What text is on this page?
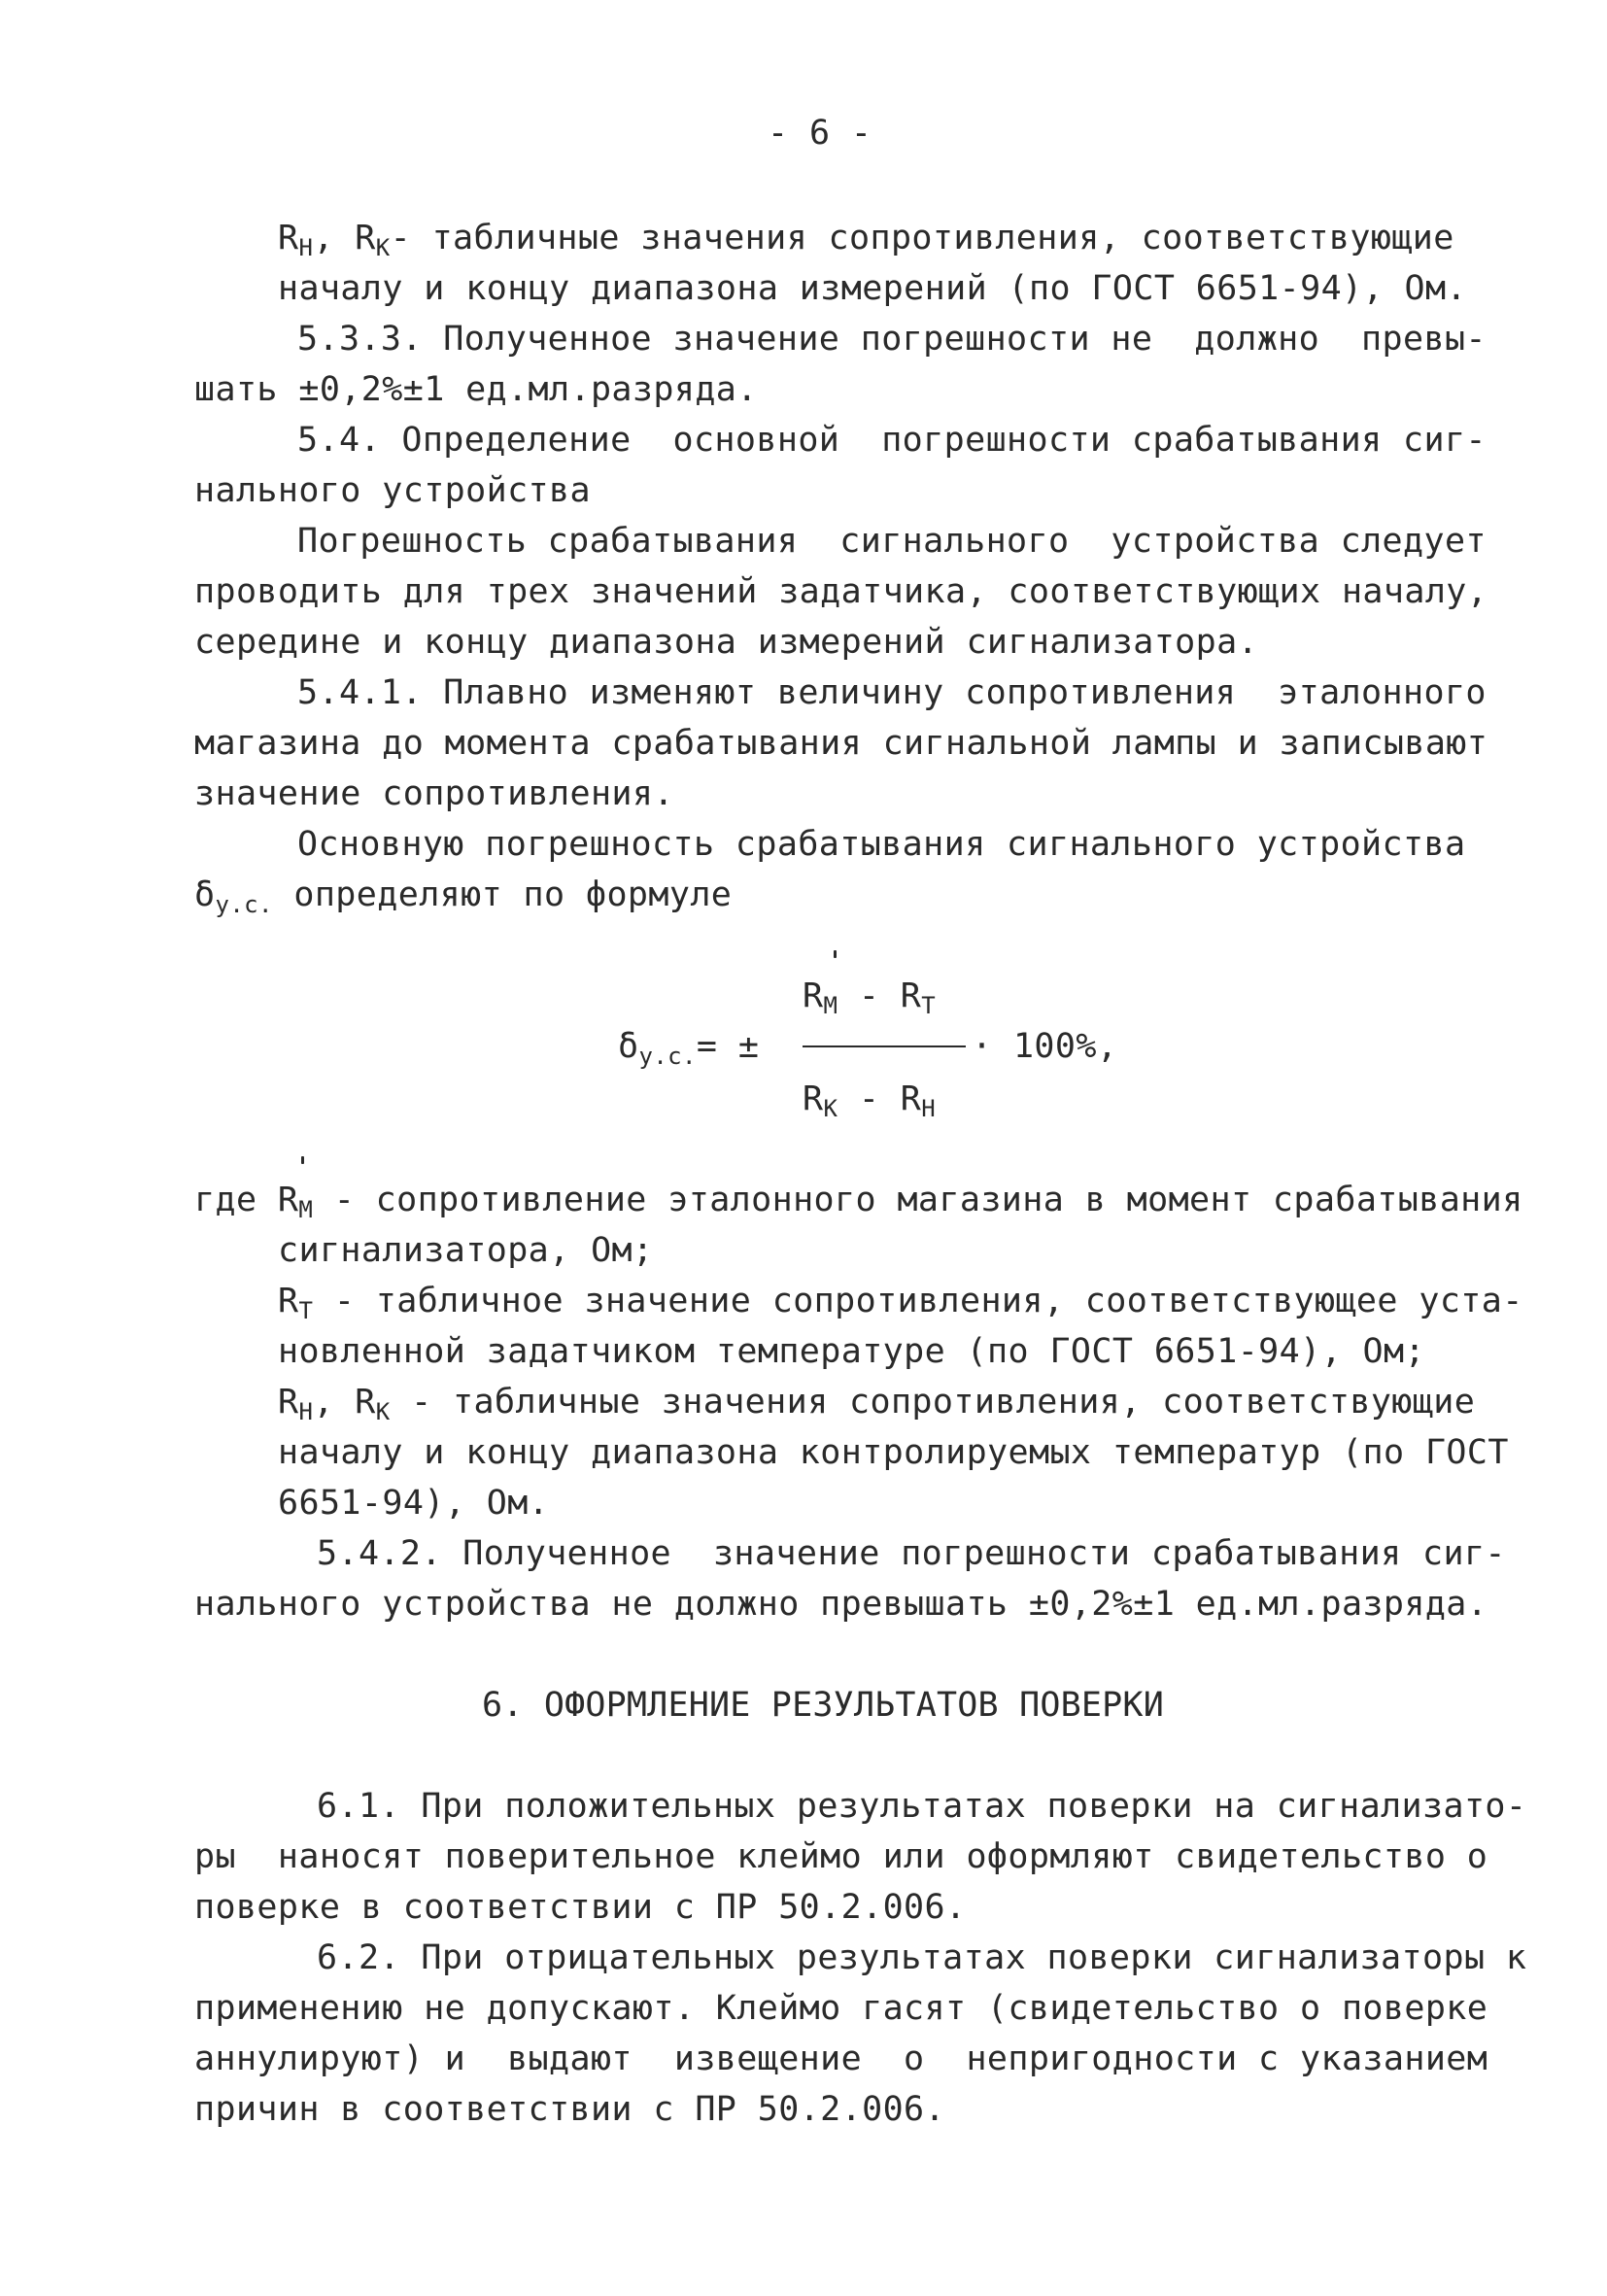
- 6 -
$R_Н$, $R_К-$ табличные значения сопротивления, соответствующие
началу и концу диапазона измерений (по ГОСТ 6651-94), Ом.
5.3.3. Полученное значение погрешности не  должно  превы-
шать ±0,2%±1 ед.мл.разряда.
5.4. Определение  основной  погрешности срабатывания сиг-
нального устройства
Погрешность срабатывания  сигнального  устройства следует
проводить для трех значений задатчика, соответствующих началу,
середине и концу диапазона измерений сигнализатора.
5.4.1. Плавно изменяют величину сопротивления  эталонного
магазина до момента срабатывания сигнальной лампы и записывают
значение сопротивления.
Основную погрешность срабатывания сигнального устройства
$\delta_{у.с.}$ определяют по формуле
$R_М - R_Т$
$\delta_{у.с.}=$ ±	· 100%,
$R_К - R_Н$
где $R_М$ - сопротивление эталонного магазина в момент срабатывания
сигнализатора, Ом;
$R_Т$ - табличное значение сопротивления, соответствующее уста-
новленной задатчиком температуре (по ГОСТ 6651-94), Ом;
$R_Н$, $R_К$ - табличные значения сопротивления, соответствующие
началу и концу диапазона контролируемых температур (по ГОСТ
6651-94), Ом.
5.4.2. Полученное  значение погрешности срабатывания сиг-
нального устройства не должно превышать ±0,2%±1 ед.мл.разряда.
6. ОФОРМЛЕНИЕ РЕЗУЛЬТАТОВ ПОВЕРКИ
6.1. При положительных результатах поверки на сигнализато-
ры  наносят поверительное клеймо или оформляют свидетельство о
поверке в соответствии с ПР 50.2.006.
6.2. При отрицательных результатах поверки сигнализаторы к
применению не допускают. Клеймо гасят (свидетельство о поверке
аннулируют) и  выдают  извещение  о  непригодности с указанием
причин в соответствии с ПР 50.2.006.
